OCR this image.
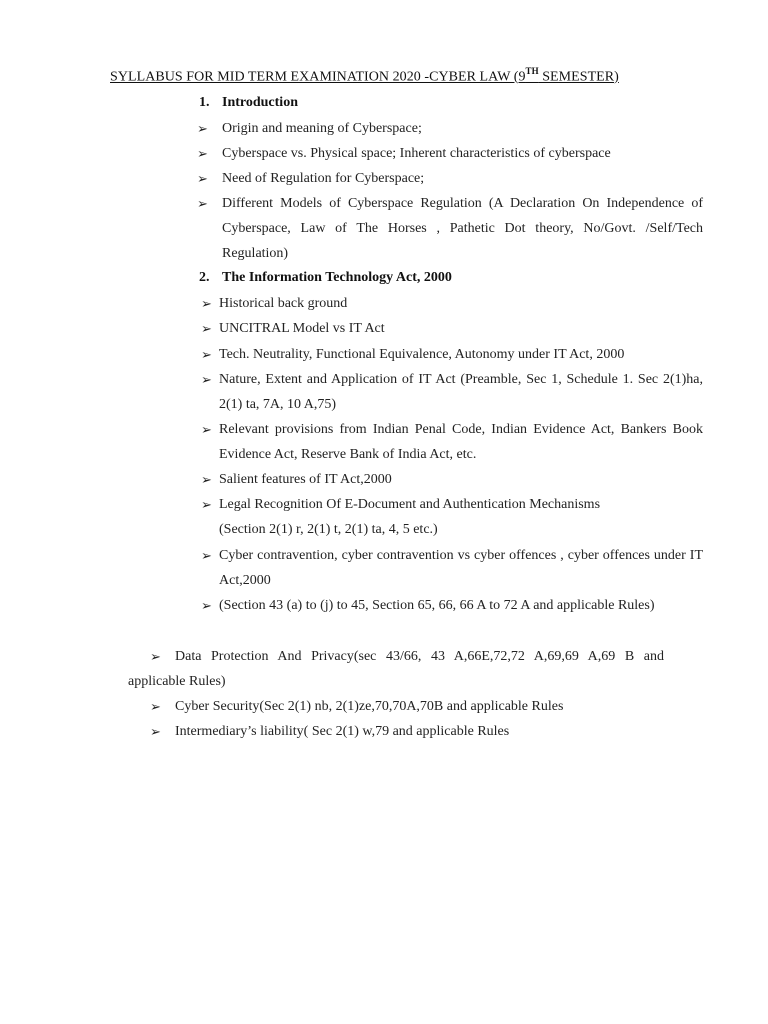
SYLLABUS FOR MID TERM EXAMINATION 2020 -CYBER LAW (9TH SEMESTER)
1. Introduction
➢ Origin and meaning of Cyberspace;
➢ Cyberspace vs. Physical space; Inherent characteristics of cyberspace
➢ Need of Regulation for Cyberspace;
➢ Different Models of Cyberspace Regulation (A Declaration On Independence of Cyberspace, Law of The Horses , Pathetic Dot theory, No/Govt. /Self/Tech Regulation)
2. The Information Technology Act, 2000
➢ Historical back ground
➢ UNCITRAL Model vs IT Act
➢ Tech. Neutrality, Functional Equivalence, Autonomy under IT Act, 2000
➢ Nature, Extent and Application of IT Act (Preamble, Sec 1, Schedule 1. Sec 2(1)ha, 2(1) ta, 7A, 10 A,75)
➢ Relevant provisions from Indian Penal Code, Indian Evidence Act, Bankers Book Evidence Act, Reserve Bank of India Act, etc.
➢ Salient features of IT Act,2000
➢ Legal Recognition Of E-Document and Authentication Mechanisms
(Section 2(1) r, 2(1) t, 2(1) ta, 4, 5 etc.)
➢ Cyber contravention, cyber contravention vs cyber offences , cyber offences under IT Act,2000
➢ (Section 43 (a) to (j) to 45, Section 65, 66, 66 A to 72 A and applicable Rules)
➢	Data Protection And Privacy(sec 43/66, 43 A,66E,72,72 A,69,69 A,69 B and applicable Rules)
➢	Cyber Security(Sec 2(1) nb, 2(1)ze,70,70A,70B and applicable Rules
➢	Intermediary’s liability( Sec 2(1) w,79 and applicable Rules
